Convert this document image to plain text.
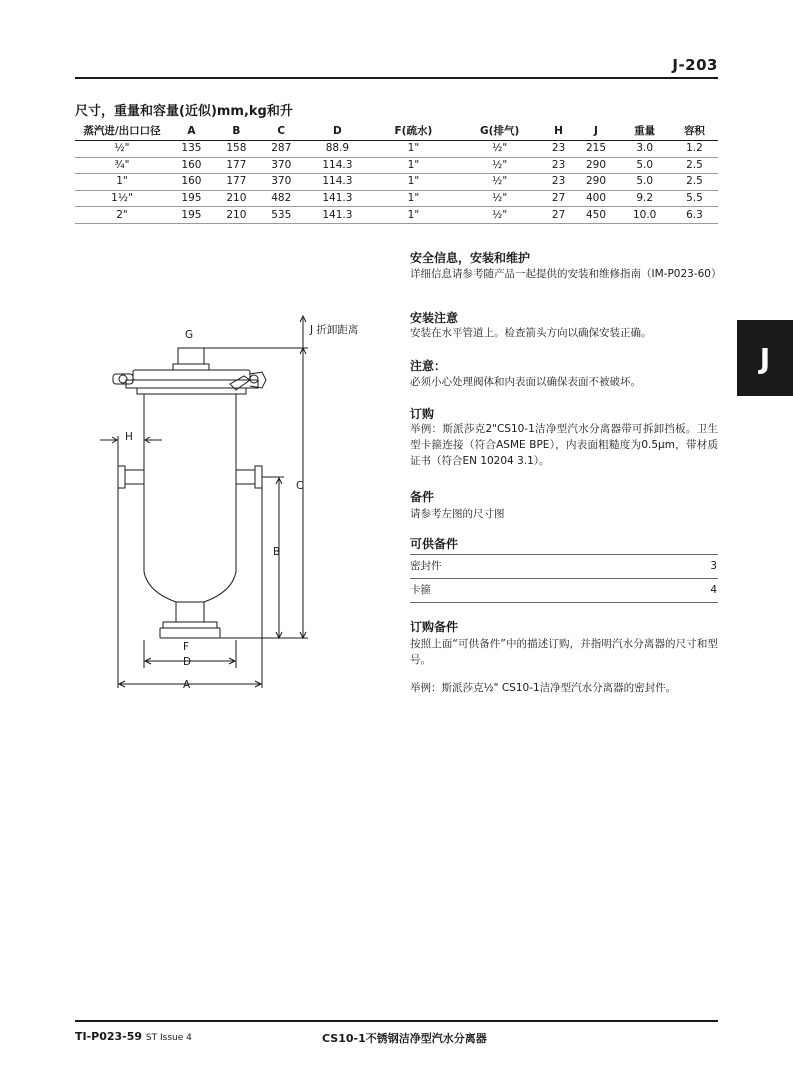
J-203
尺寸，重量和容量(近似)mm,kg和升
蒸汽进/出口口径	A	B	C	D	F(疏水)	G(排气)	H	J	重量	容积
½"	135	158	287	88.9	1"	½"	23	215	3.0	1.2
¾"	160	177	370	114.3	1"	½"	23	290	5.0	2.5
1"	160	177	370	114.3	1"	½"	23	290	5.0	2.5
1½"	195	210	482	141.3	1"	½"	27	400	9.2	5.5
2"	195	210	535	141.3	1"	½"	27	450	10.0	6.3
J
G	J 折卸距离
H
C
B
F
D
A
安全信息，安装和维护
详细信息请参考随产品一起提供的安装和维修指南（IM-P023-60）
安装注意
安装在水平管道上。检查箭头方向以确保安装正确。
注意：
必须小心处理阀体和内表面以确保表面不被破坏。
订购
举例：斯派莎克2"CS10-1洁净型汽水分离器带可拆卸挡板。卫生型卡箍连接（符合ASME BPE），内表面粗糙度为0.5μm，带材质证书（符合EN 10204 3.1）。
备件
请参考左图的尺寸图
可供备件
密封件	3
卡箍	4
订购备件
按照上面“可供备件”中的描述订购，并指明汽水分离器的尺寸和型号。
举例：斯派莎克½" CS10-1洁净型汽水分离器的密封件。
TI-P023-59 ST Issue 4	CS10-1不锈钢洁净型汽水分离器
